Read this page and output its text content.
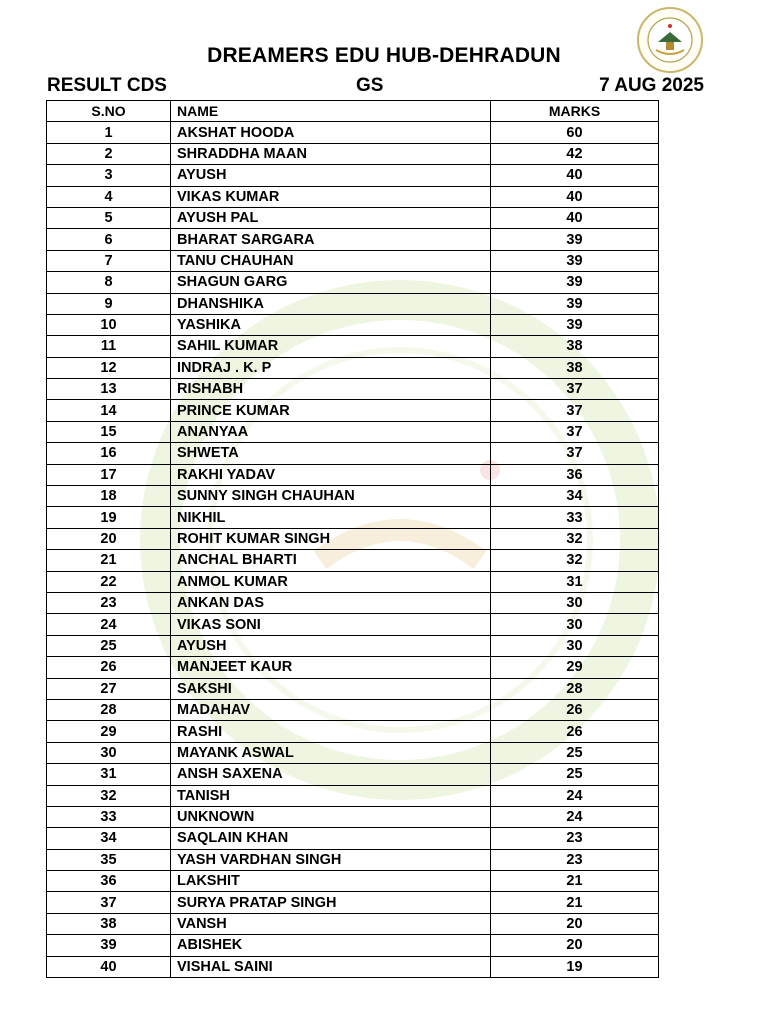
DREAMERS EDU HUB-DEHRADUN
RESULT CDS	GS	7 AUG 2025
S.NO	NAME	MARKS
1	AKSHAT HOODA	60
2	SHRADDHA MAAN	42
3	AYUSH	40
4	VIKAS KUMAR	40
5	AYUSH PAL	40
6	BHARAT SARGARA	39
7	TANU CHAUHAN	39
8	SHAGUN GARG	39
9	DHANSHIKA	39
10	YASHIKA	39
11	SAHIL KUMAR	38
12	INDRAJ . K. P	38
13	RISHABH	37
14	PRINCE KUMAR	37
15	ANANYAA	37
16	SHWETA	37
17	RAKHI YADAV	36
18	SUNNY SINGH CHAUHAN	34
19	NIKHIL	33
20	ROHIT KUMAR SINGH	32
21	ANCHAL BHARTI	32
22	ANMOL KUMAR	31
23	ANKAN DAS	30
24	VIKAS SONI	30
25	AYUSH	30
26	MANJEET KAUR	29
27	SAKSHI	28
28	MADAHAV	26
29	RASHI	26
30	MAYANK ASWAL	25
31	ANSH SAXENA	25
32	TANISH	24
33	UNKNOWN	24
34	SAQLAIN KHAN	23
35	YASH VARDHAN SINGH	23
36	LAKSHIT	21
37	SURYA PRATAP SINGH	21
38	VANSH	20
39	ABISHEK	20
40	VISHAL SAINI	19
